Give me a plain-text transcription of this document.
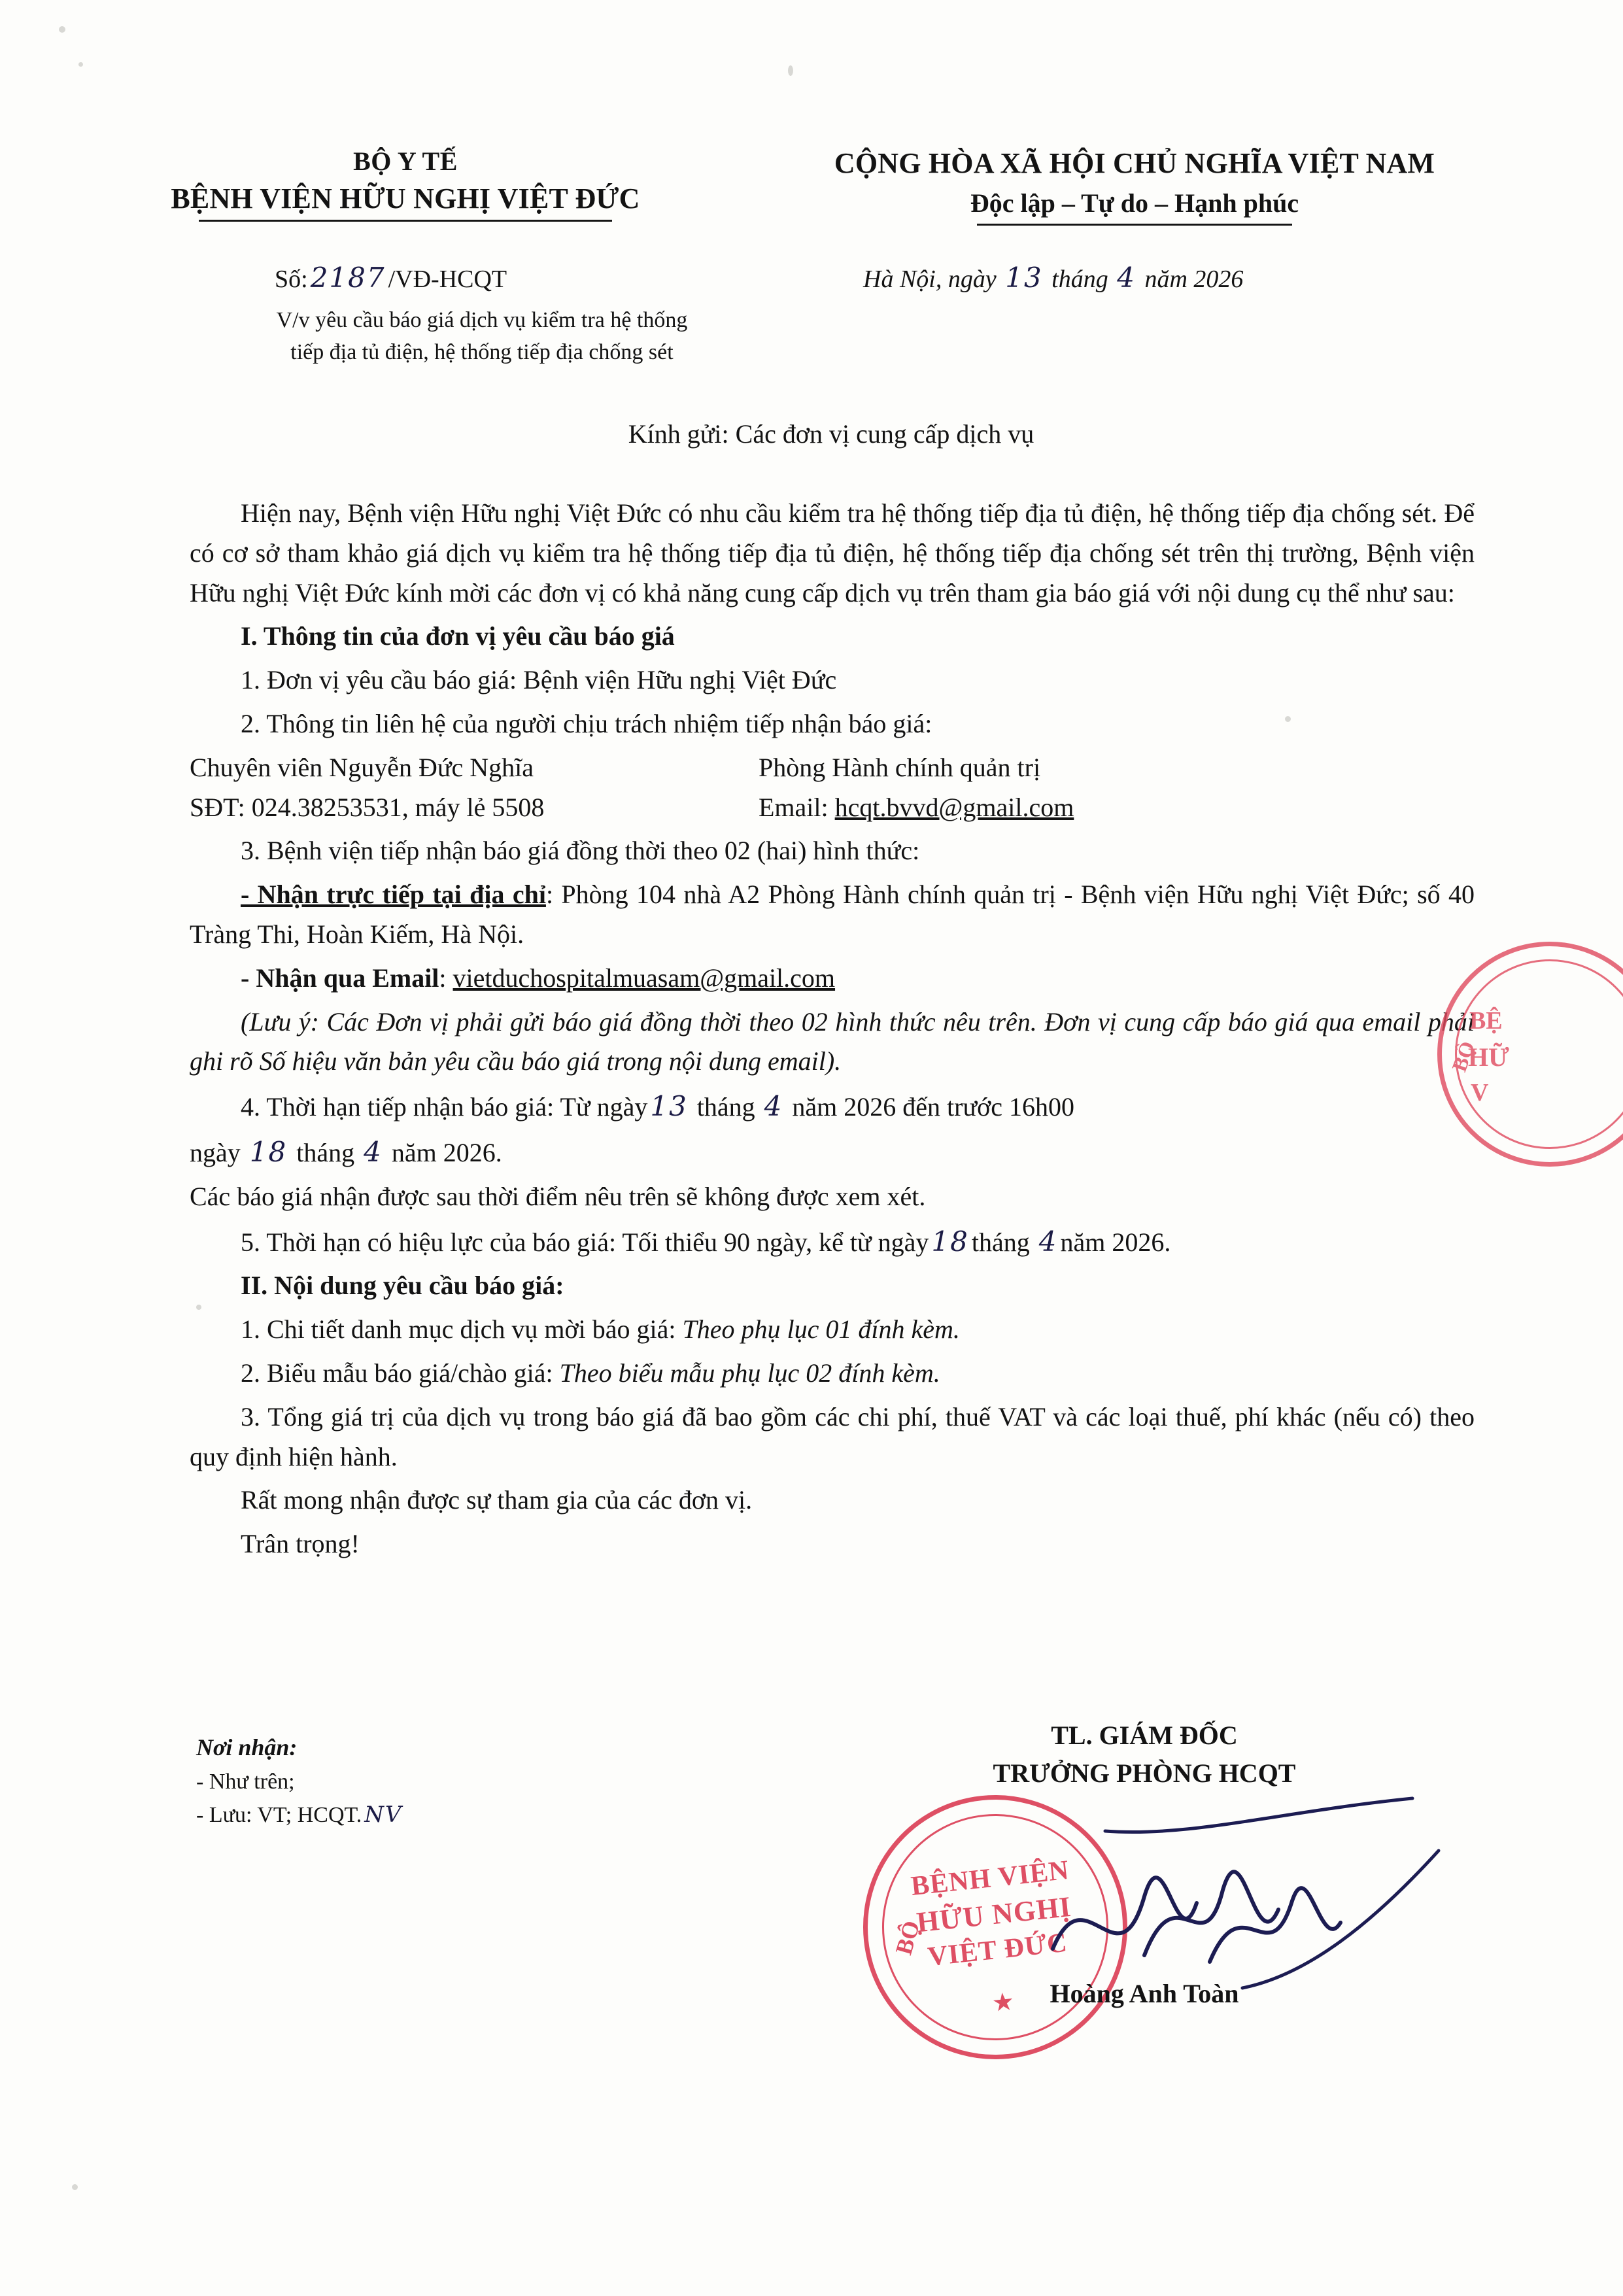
BỘ Y TẾ
BỆNH VIỆN HỮU NGHỊ VIỆT ĐỨC
CỘNG HÒA XÃ HỘI CHỦ NGHĨA VIỆT NAM
Độc lập – Tự do – Hạnh phúc
Số:2187 /VĐ-HCQT
V/v yêu cầu báo giá dịch vụ kiểm tra hệ thống
tiếp địa tủ điện, hệ thống tiếp địa chống sét
Hà Nội, ngày 13 tháng 4 năm 2026
Kính gửi: Các đơn vị cung cấp dịch vụ

Hiện nay, Bệnh viện Hữu nghị Việt Đức có nhu cầu kiểm tra hệ thống tiếp địa tủ điện, hệ thống tiếp địa chống sét. Để có cơ sở tham khảo giá dịch vụ kiểm tra hệ thống tiếp địa tủ điện, hệ thống tiếp địa chống sét trên thị trường, Bệnh viện Hữu nghị Việt Đức kính mời các đơn vị có khả năng cung cấp dịch vụ trên tham gia báo giá với nội dung cụ thể như sau:

I. Thông tin của đơn vị yêu cầu báo giá

1. Đơn vị yêu cầu báo giá: Bệnh viện Hữu nghị Việt Đức

2. Thông tin liên hệ của người chịu trách nhiệm tiếp nhận báo giá:

Chuyên viên Nguyễn Đức Nghĩa	Phòng Hành chính quản trị
SĐT: 024.38253531, máy lẻ 5508	Email: hcqt.bvvd@gmail.com

3. Bệnh viện tiếp nhận báo giá đồng thời theo 02 (hai) hình thức:

- Nhận trực tiếp tại địa chỉ: Phòng 104 nhà A2 Phòng Hành chính quản trị - Bệnh viện Hữu nghị Việt Đức; số 40 Tràng Thi, Hoàn Kiếm, Hà Nội.

- Nhận qua Email: vietduchospitalmuasam@gmail.com

(Lưu ý: Các Đơn vị phải gửi báo giá đồng thời theo 02 hình thức nêu trên. Đơn vị cung cấp báo giá qua email phải ghi rõ Số hiệu văn bản yêu cầu báo giá trong nội dung email).

4. Thời hạn tiếp nhận báo giá: Từ ngày13 tháng 4 năm 2026 đến trước 16h00

ngày 18 tháng 4 năm 2026.

Các báo giá nhận được sau thời điểm nêu trên sẽ không được xem xét.

5. Thời hạn có hiệu lực của báo giá: Tối thiểu 90 ngày, kể từ ngày18 tháng 4 năm 2026.

II. Nội dung yêu cầu báo giá:

1. Chi tiết danh mục dịch vụ mời báo giá: Theo phụ lục 01 đính kèm.

2. Biểu mẫu báo giá/chào giá: Theo biểu mẫu phụ lục 02 đính kèm.

3. Tổng giá trị của dịch vụ trong báo giá đã bao gồm các chi phí, thuế VAT và các loại thuế, phí khác (nếu có) theo quy định hiện hành.

Rất mong nhận được sự tham gia của các đơn vị.

Trân trọng!

Nơi nhận:
- Như trên;
- Lưu: VT; HCQT. NV
TL. GIÁM ĐỐC
TRƯỞNG PHÒNG HCQT
BỘ
BỆNH VIỆN
HỮU NGHỊ
VIỆT ĐỨC
★	Hoàng Anh Toàn
BỘ
BỆ
HỮ
V
